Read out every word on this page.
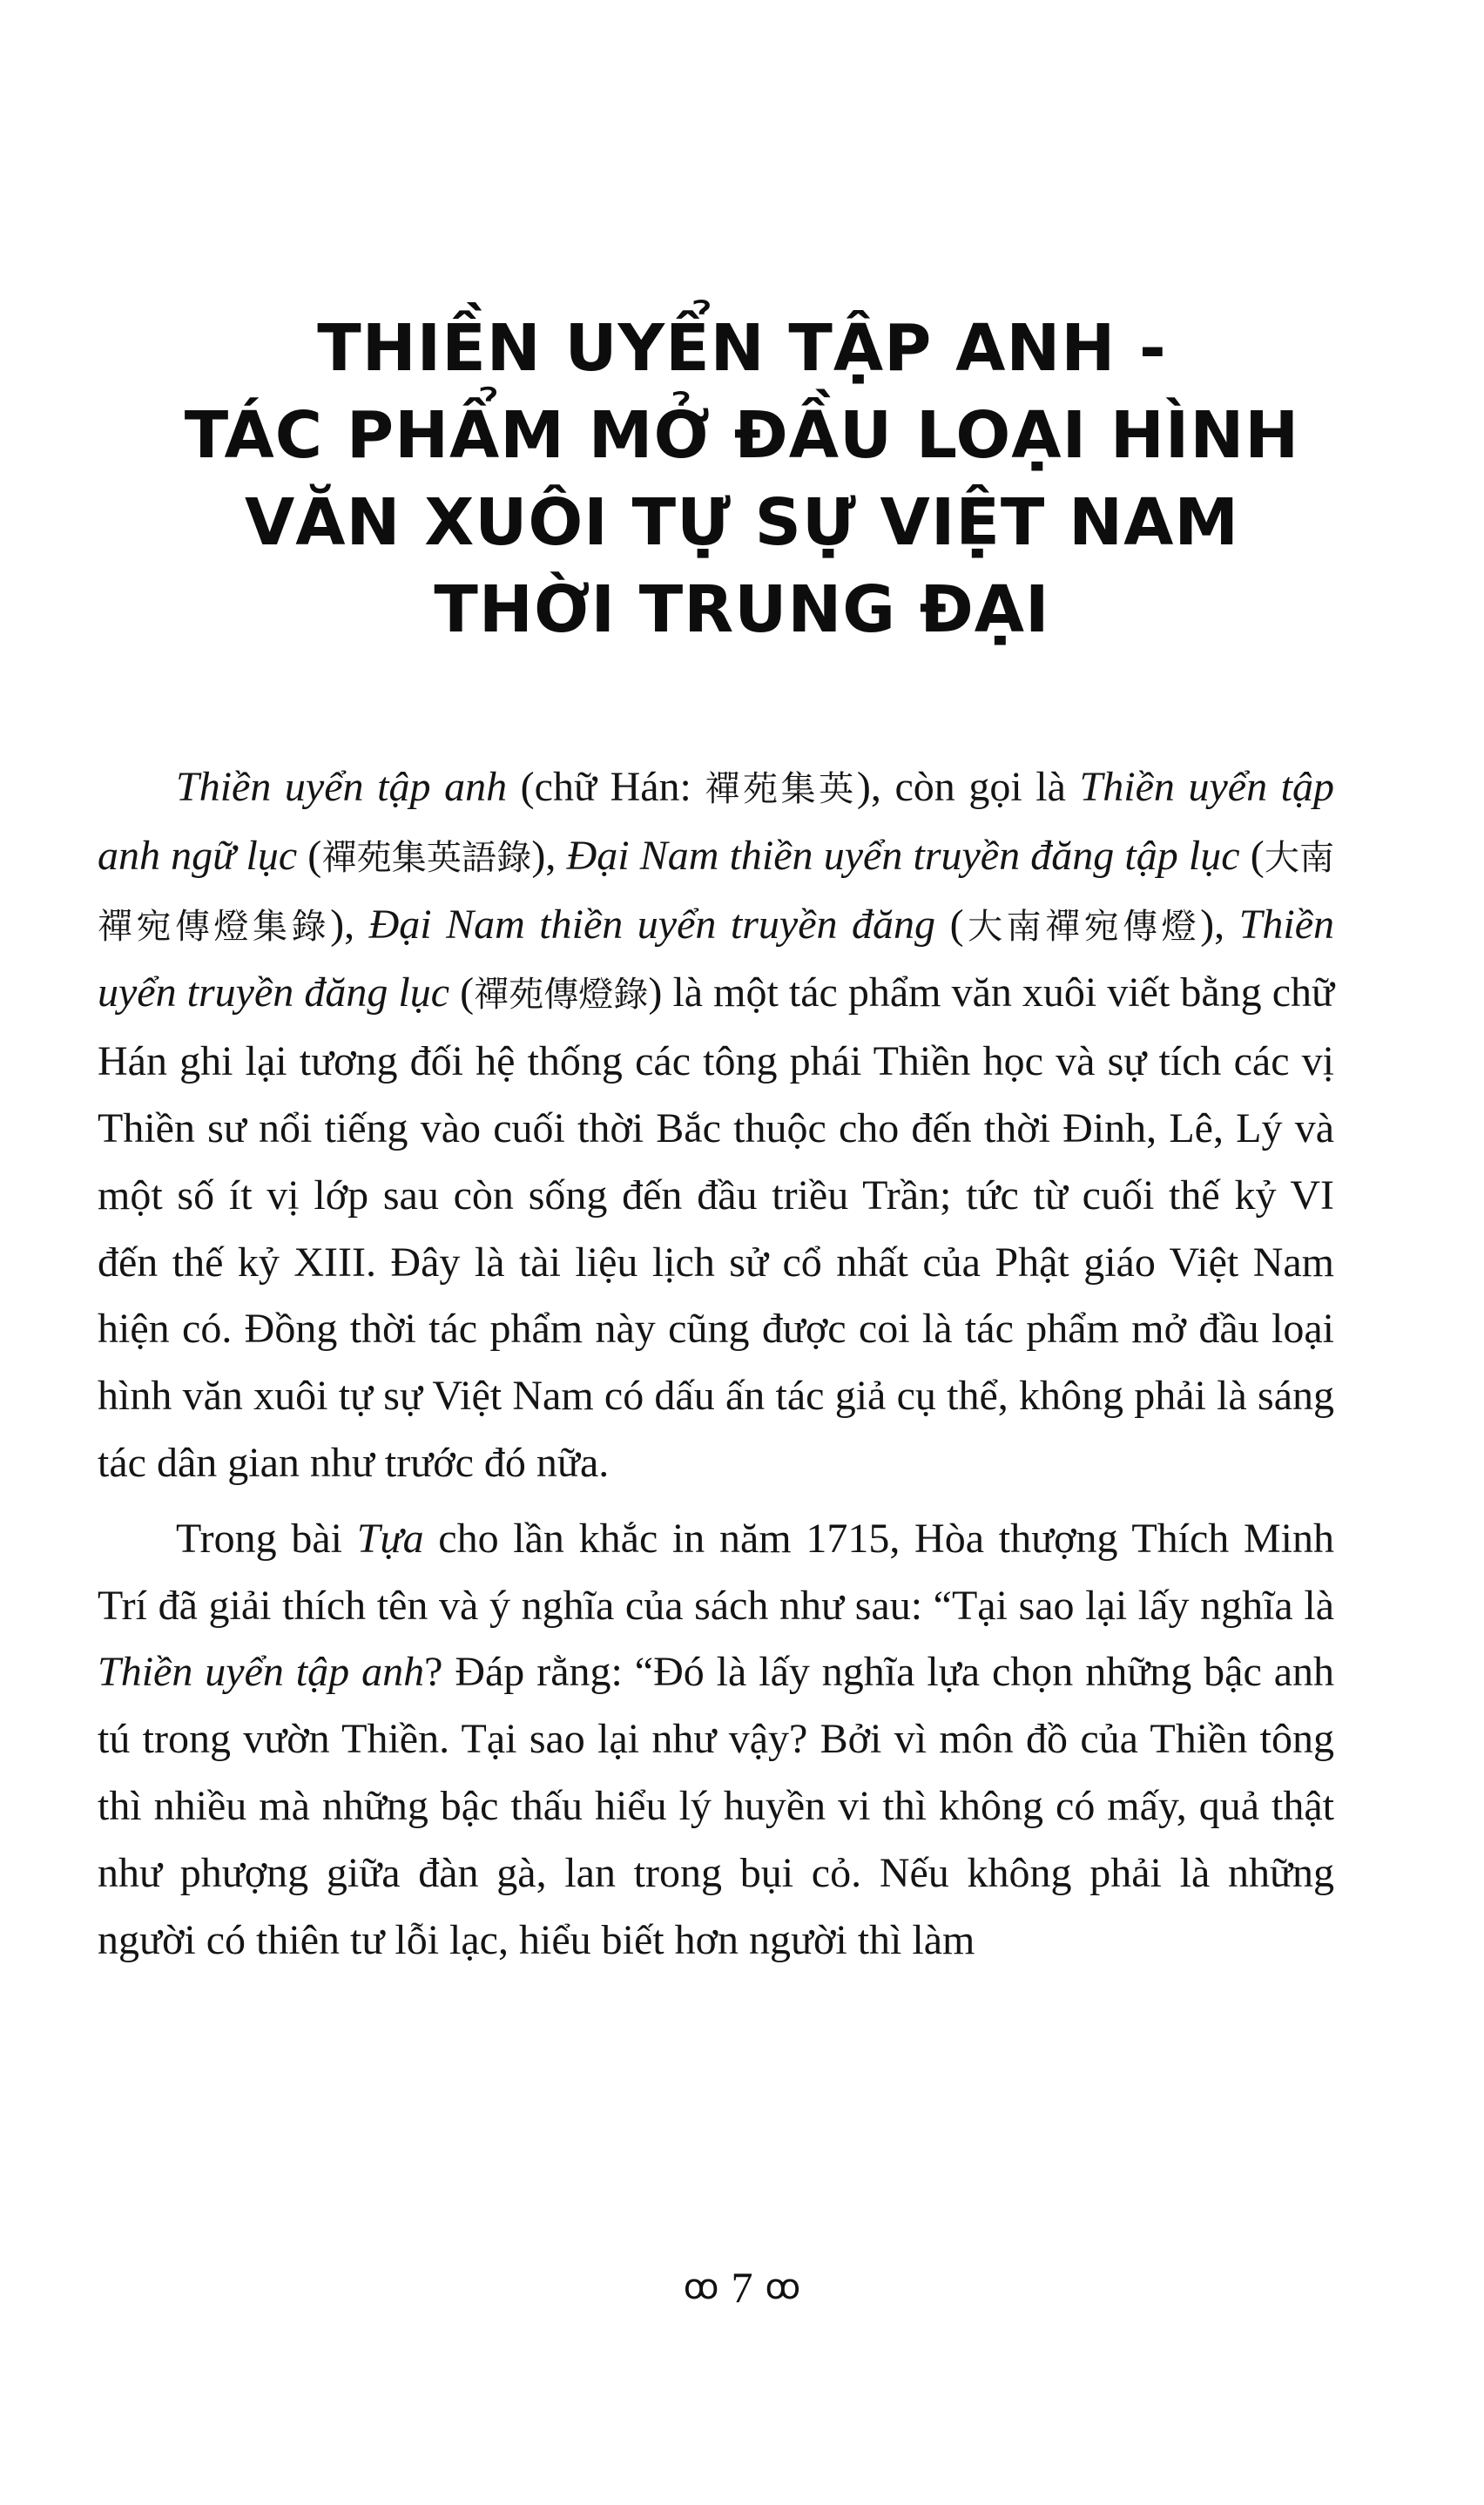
THIỀN UYỂN TẬP ANH -
TÁC PHẨM MỞ ĐẦU LOẠI HÌNH
VĂN XUÔI TỰ SỰ VIỆT NAM
THỜI TRUNG ĐẠI

Thiền uyển tập anh (chữ Hán: 禪苑集英), còn gọi là Thiền uyển tập anh ngữ lục (禪苑集英語錄), Đại Nam thiền uyển truyền đăng tập lục (大南禪宛傳燈集錄), Đại Nam thiền uyển truyền đăng (大南禪宛傳燈), Thiền uyển truyền đăng lục (禪苑傳燈錄) là một tác phẩm văn xuôi viết bằng chữ Hán ghi lại tương đối hệ thống các tông phái Thiền học và sự tích các vị Thiền sư nổi tiếng vào cuối thời Bắc thuộc cho đến thời Đinh, Lê, Lý và một số ít vị lớp sau còn sống đến đầu triều Trần; tức từ cuối thế kỷ VI đến thế kỷ XIII. Đây là tài liệu lịch sử cổ nhất của Phật giáo Việt Nam hiện có. Đồng thời tác phẩm này cũng được coi là tác phẩm mở đầu loại hình văn xuôi tự sự Việt Nam có dấu ấn tác giả cụ thể, không phải là sáng tác dân gian như trước đó nữa.

Trong bài Tựa cho lần khắc in năm 1715, Hòa thượng Thích Minh Trí đã giải thích tên và ý nghĩa của sách như sau: “Tại sao lại lấy nghĩa là Thiền uyển tập anh? Đáp rằng: “Đó là lấy nghĩa lựa chọn những bậc anh tú trong vườn Thiền. Tại sao lại như vậy? Bởi vì môn đồ của Thiền tông thì nhiều mà những bậc thấu hiểu lý huyền vi thì không có mấy, quả thật như phượng giữa đàn gà, lan trong bụi cỏ. Nếu không phải là những người có thiên tư lỗi lạc, hiểu biết hơn người thì làm

ꝏ 7 ꝏ
